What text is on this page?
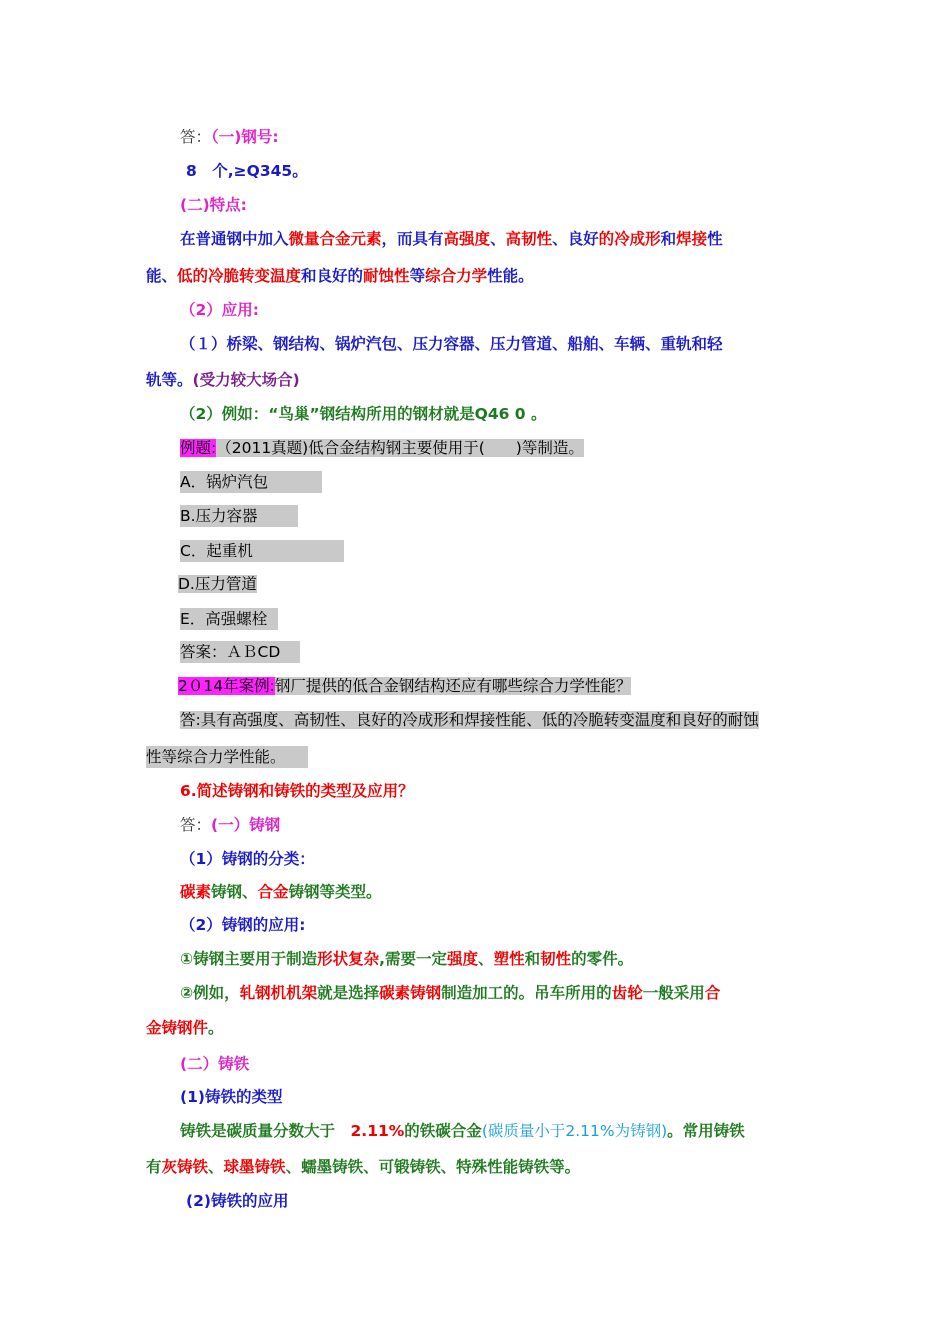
答：（一)钢号:
8　个,≥Q345。
(二)特点:
在普通钢中加入微量合金元素，而具有高强度、高韧性、良好的冷成形和焊接性
能、低的冷脆转变温度和良好的耐蚀性等综合力学性能。
（2）应用:
（１）桥梁、钢结构、锅炉汽包、压力容器、压力管道、船舶、车辆、重轨和轻
轨等。(受力较大场合)
（2）例如：“鸟巢”钢结构所用的钢材就是Q46 0 。
例题:（2011真题)低合金结构钢主要使用于(　　)等制造。
A．锅炉汽包
B.压力容器
C．起重机
D.压力管道
E．高强螺栓
答案：ＡＢCD
2０14年案例:钢厂提供的低合金钢结构还应有哪些综合力学性能？
答:具有高强度、高韧性、良好的冷成形和焊接性能、低的冷脆转变温度和良好的耐蚀
性等综合力学性能。
6.简述铸钢和铸铁的类型及应用？
答：(一）铸钢
（1）铸钢的分类：
碳素铸钢、合金铸钢等类型。
（2）铸钢的应用:
①铸钢主要用于制造形状复杂,需要一定强度、塑性和韧性的零件。
②例如，轧钢机机架就是选择碳素铸钢制造加工的。吊车所用的齿轮一般采用合
金铸钢件。
(二）铸铁
(1)铸铁的类型
铸铁是碳质量分数大于　2.11%的铁碳合金(碳质量小于2.11%为铸钢)。常用铸铁
有灰铸铁、球墨铸铁、蠕墨铸铁、可锻铸铁、特殊性能铸铁等。
(2)铸铁的应用
